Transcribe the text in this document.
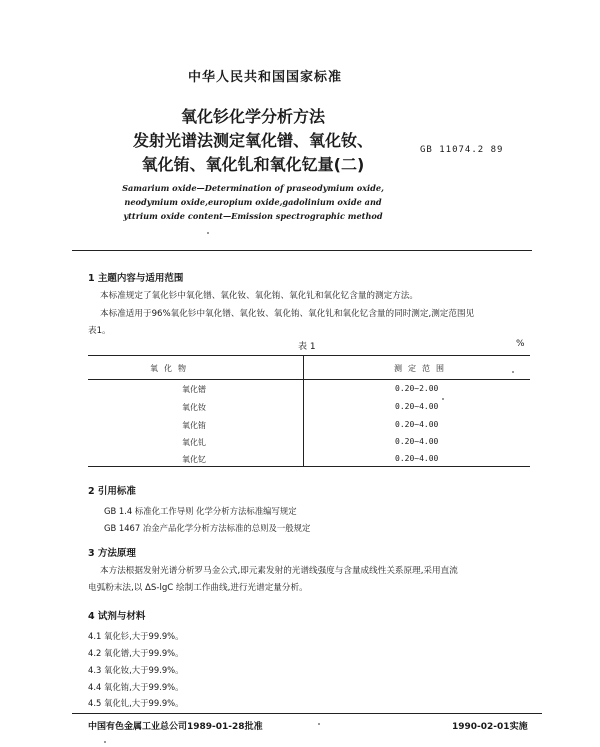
中华人民共和国国家标准
氧化钐化学分析方法
发射光谱法测定氧化镨、氧化钕、
氧化铕、氧化钆和氧化钇量(二)
GB 11074.2 89
Samarium oxide—Determination of praseodymium oxide,
neodymium oxide,europium oxide,gadolinium oxide and
yttrium oxide content—Emission spectrographic method
1 主题内容与适用范围
本标准规定了氧化钐中氧化镨、氧化钕、氧化铕、氧化钆和氧化钇含量的测定方法。
本标准适用于96%氧化钐中氧化镨、氧化钕、氧化铕、氧化钆和氧化钇含量的同时测定,测定范围见
表1。
表 1	%
氧化物	测定范围
氧化镨	0.20~2.00
氧化钕	0.20~4.00
氧化铕	0.20~4.00
氧化钆	0.20~4.00
氧化钇	0.20~4.00
2 引用标准
GB 1.4 标准化工作导则 化学分析方法标准编写规定
GB 1467 冶金产品化学分析方法标准的总则及一般规定
3 方法原理
本方法根据发射光谱分析罗马金公式,即元素发射的光谱线强度与含量成线性关系原理,采用直流
电弧粉末法,以 ΔS-lgC 绘制工作曲线,进行光谱定量分析。
4 试剂与材料
4.1 氧化钐,大于99.9%。
4.2 氧化镨,大于99.9%。
4.3 氧化钕,大于99.9%。
4.4 氧化铕,大于99.9%。
4.5 氧化钆,大于99.9%。
中国有色金属工业总公司1989-01-28批准	1990-02-01实施
